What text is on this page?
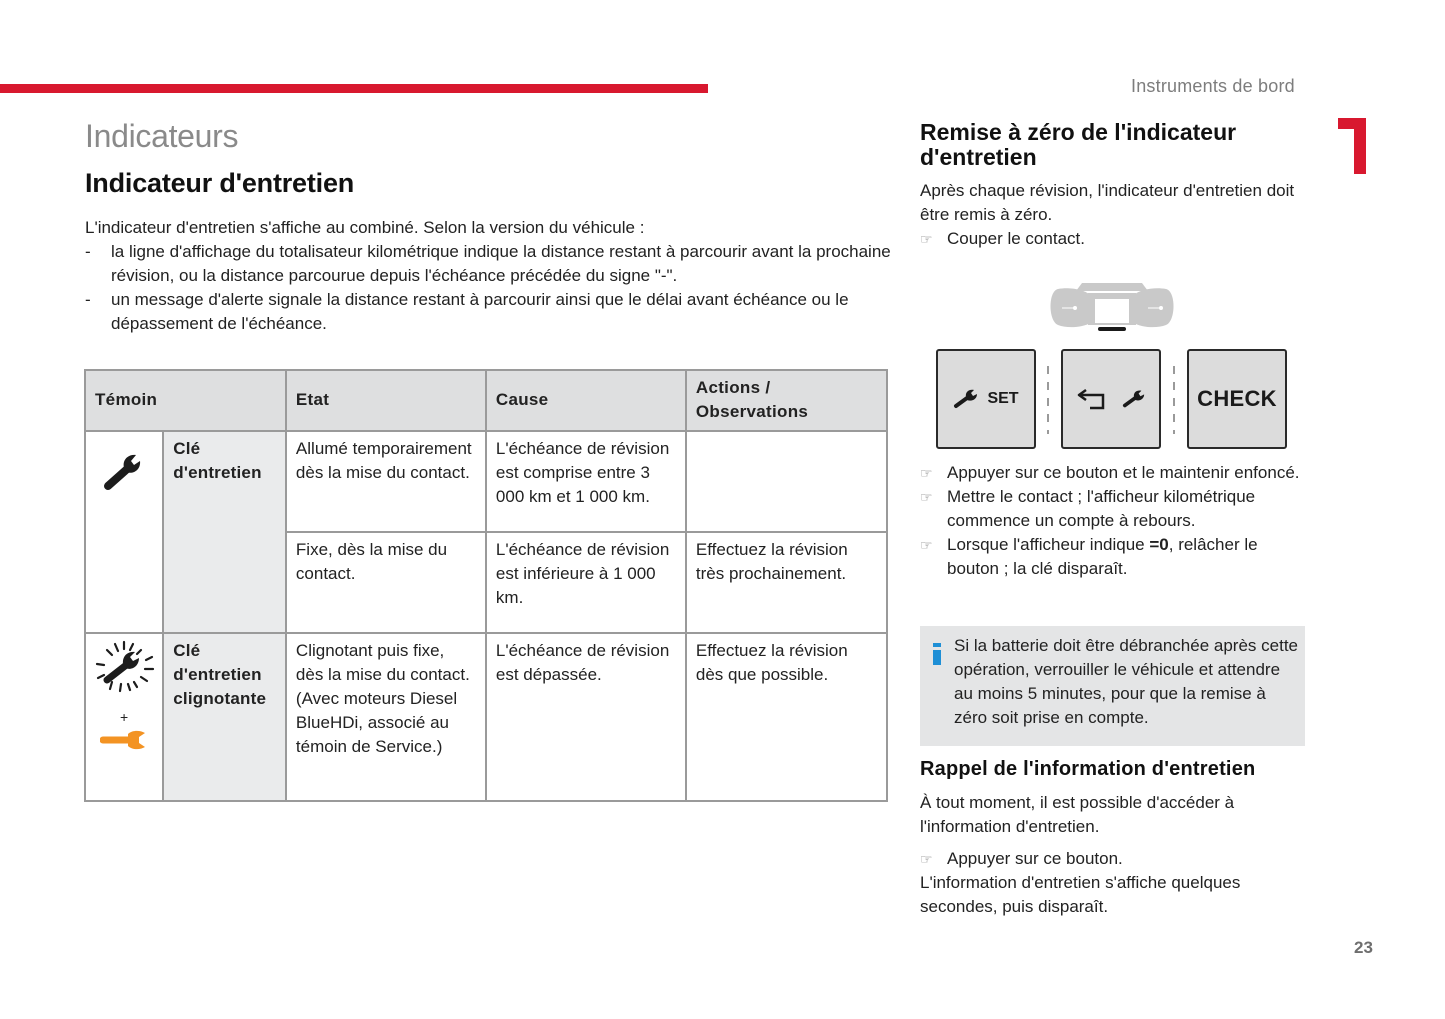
Instruments de bord
Indicateurs
Indicateur d'entretien

L'indicateur d'entretien s'affiche au combiné. Selon la version du véhicule :

-	la ligne d'affichage du totalisateur kilométrique indique la distance restant à parcourir avant la prochaine révision, ou la distance parcourue depuis l'échéance précédée du signe "-".
-	un message d'alerte signale la distance restant à parcourir ainsi que le délai avant échéance ou le dépassement de l'échéance.
Témoin		Etat	Cause	Actions / Observations
	Clé d'entretien	Allumé temporairement dès la mise du contact.	L'échéance de révision est comprise entre 3 000 km et 1 000 km.	
		Fixe, dès la mise du contact.	L'échéance de révision est inférieure à 1 000 km.	Effectuez la révision très prochainement.

+	Clé d'entretien clignotante	Clignotant puis fixe, dès la mise du contact. (Avec moteurs Diesel BlueHDi, associé au témoin de Service.)	L'échéance de révision est dépassée.	Effectuez la révision dès que possible.
Remise à zéro de l'indicateur d'entretien
Après chaque révision, l'indicateur d'entretien doit être remis à zéro.
☞ Couper le contact.
SET	CHECK
☞ Appuyer sur ce bouton et le maintenir enfoncé.
☞ Mettre le contact ; l'afficheur kilométrique commence un compte à rebours.
☞ Lorsque l'afficheur indique =0, relâcher le bouton ; la clé disparaît.
Si la batterie doit être débranchée après cette opération, verrouiller le véhicule et attendre au moins 5 minutes, pour que la remise à zéro soit prise en compte.
Rappel de l'information d'entretien
À tout moment, il est possible d'accéder à l'information d'entretien.
☞ Appuyer sur ce bouton.
L'information d'entretien s'affiche quelques secondes, puis disparaît.
23
